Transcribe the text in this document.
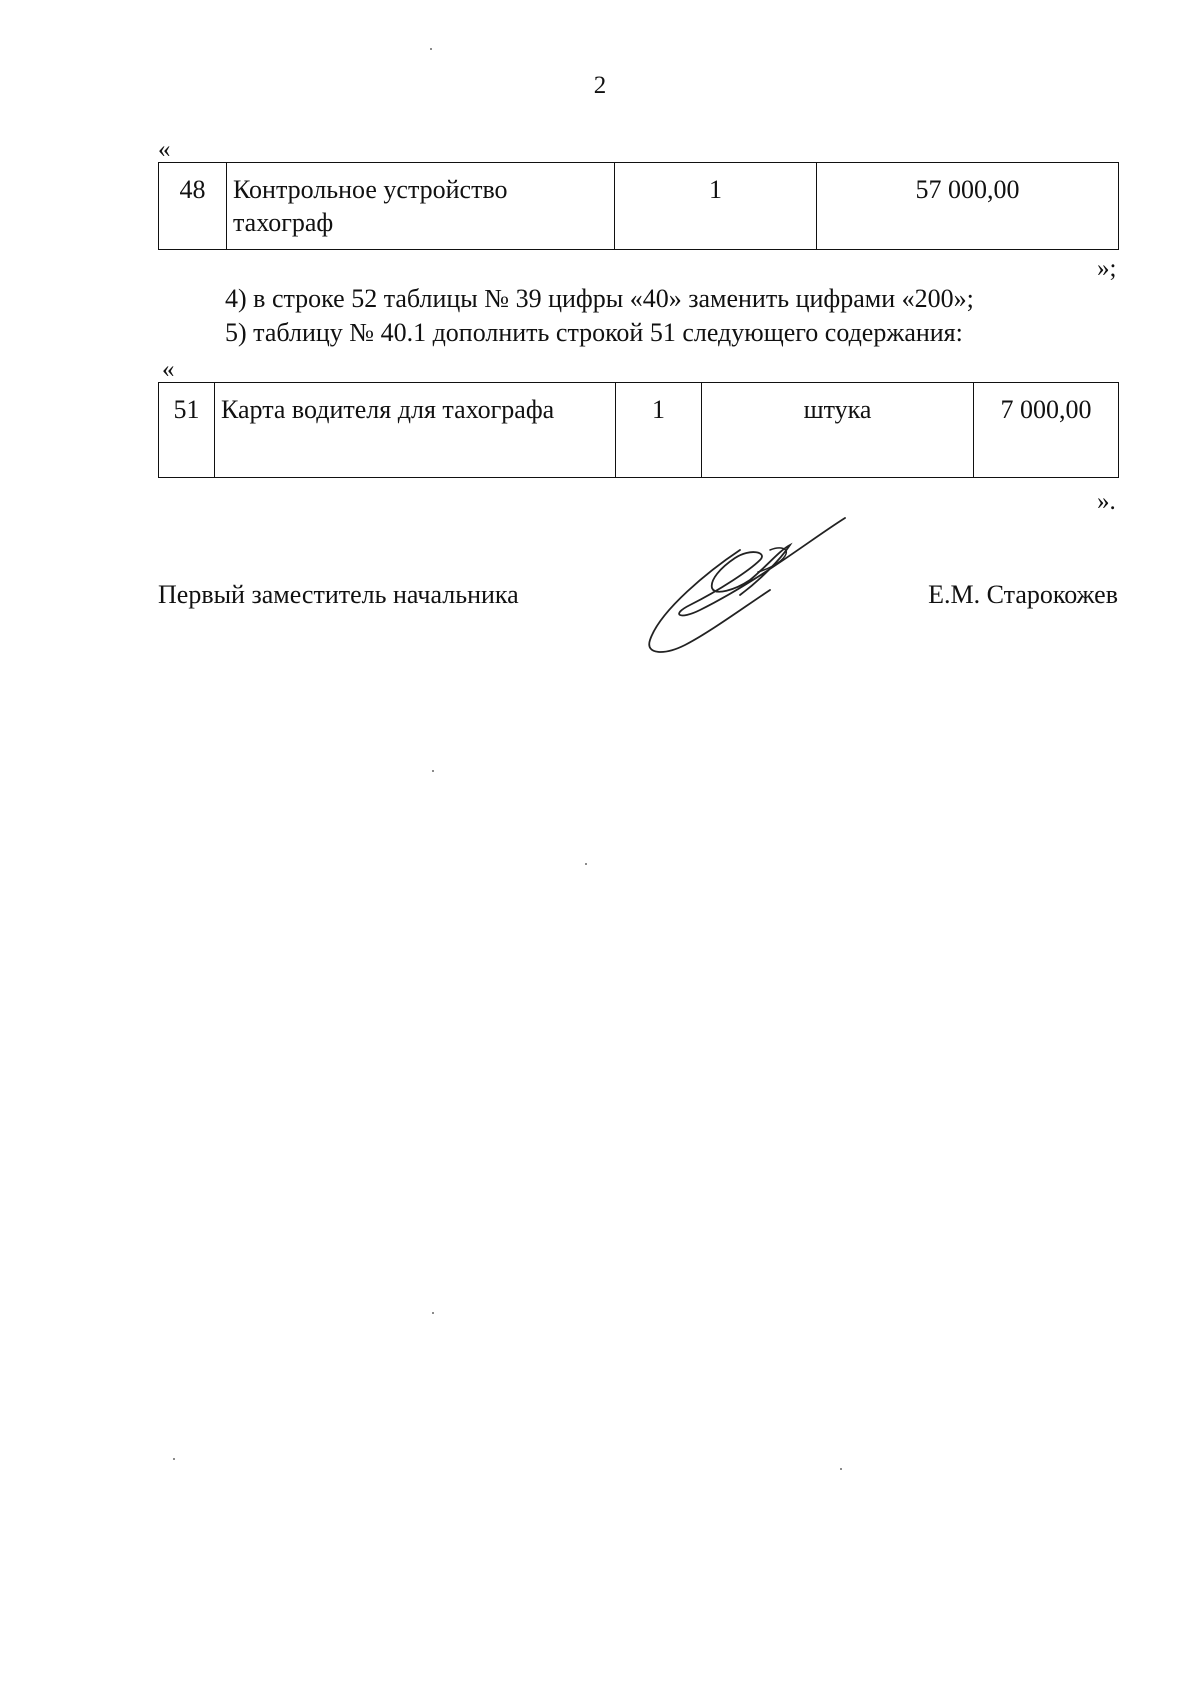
2
«
48	Контрольное устройство тахограф	1	57 000,00
»;
4) в строке 52 таблицы № 39 цифры «40» заменить цифрами «200»;
5) таблицу № 40.1 дополнить строкой 51 следующего содержания:
«
51	Карта водителя для тахографа	1	штука	7 000,00
».
Первый заместитель начальника	Е.М. Старокожев
